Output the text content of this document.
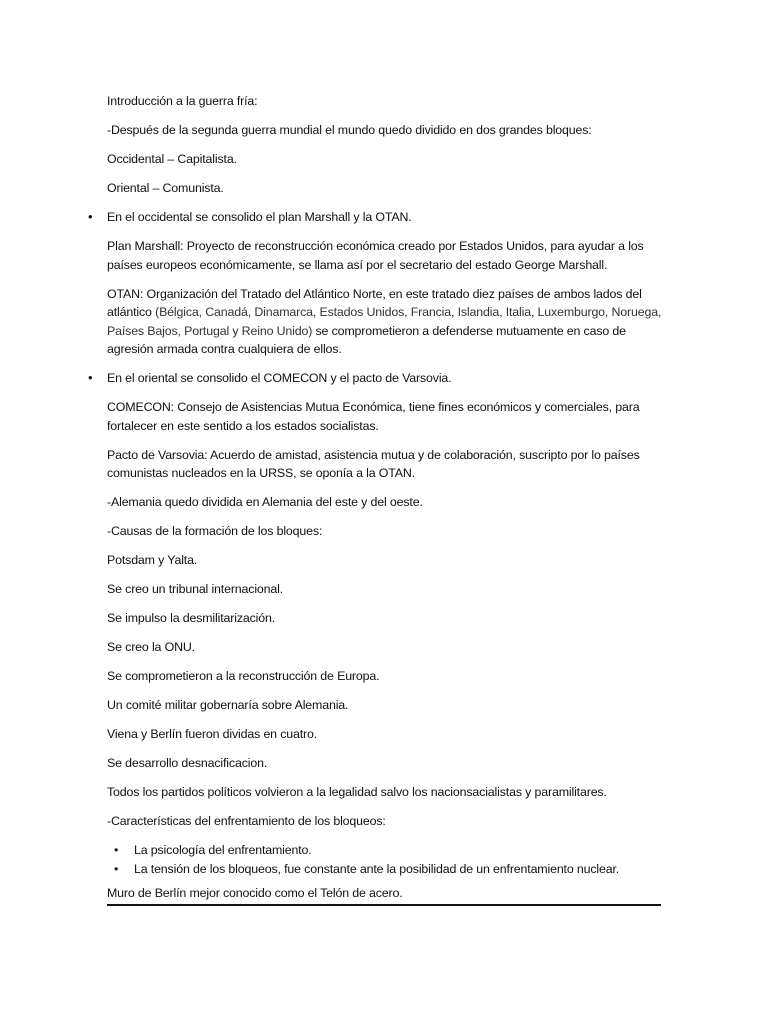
Introducción a la guerra fría:

-Después de la segunda guerra mundial el mundo quedo dividido en dos grandes bloques:

Occidental – Capitalista.

Oriental – Comunista.

• En el occidental se consolido el plan Marshall y la OTAN.

Plan Marshall: Proyecto de reconstrucción económica creado por Estados Unidos, para ayudar a los países europeos económicamente, se llama así por el secretario del estado George Marshall.

OTAN: Organización del Tratado del Atlántico Norte, en este tratado diez países de ambos lados del atlántico (Bélgica, Canadá, Dinamarca, Estados Unidos, Francia, Islandia, Italia, Luxemburgo, Noruega, Países Bajos, Portugal y Reino Unido) se comprometieron a defenderse mutuamente en caso de agresión armada contra cualquiera de ellos.

• En el oriental se consolido el COMECON y el pacto de Varsovia.

COMECON: Consejo de Asistencias Mutua Económica, tiene fines económicos y comerciales, para fortalecer en este sentido a los estados socialistas.

Pacto de Varsovia: Acuerdo de amistad, asistencia mutua y de colaboración, suscripto por lo países comunistas nucleados en la URSS, se oponía a la OTAN.

-Alemania quedo dividida en Alemania del este y del oeste.

-Causas de la formación de los bloques:

Potsdam y Yalta.

Se creo un tribunal internacional.

Se impulso la desmilitarización.

Se creo la ONU.

Se comprometieron a la reconstrucción de Europa.

Un comité militar gobernaría sobre Alemania.

Viena y Berlín fueron dividas en cuatro.

Se desarrollo desnacificacion.

Todos los partidos políticos volvieron a la legalidad salvo los nacionsacialistas y paramilitares.

-Características del enfrentamiento de los bloqueos:

• La psicología del enfrentamiento.
• La tensión de los bloqueos, fue constante ante la posibilidad de un enfrentamiento nuclear.

Muro de Berlín mejor conocido como el Telón de acero.
